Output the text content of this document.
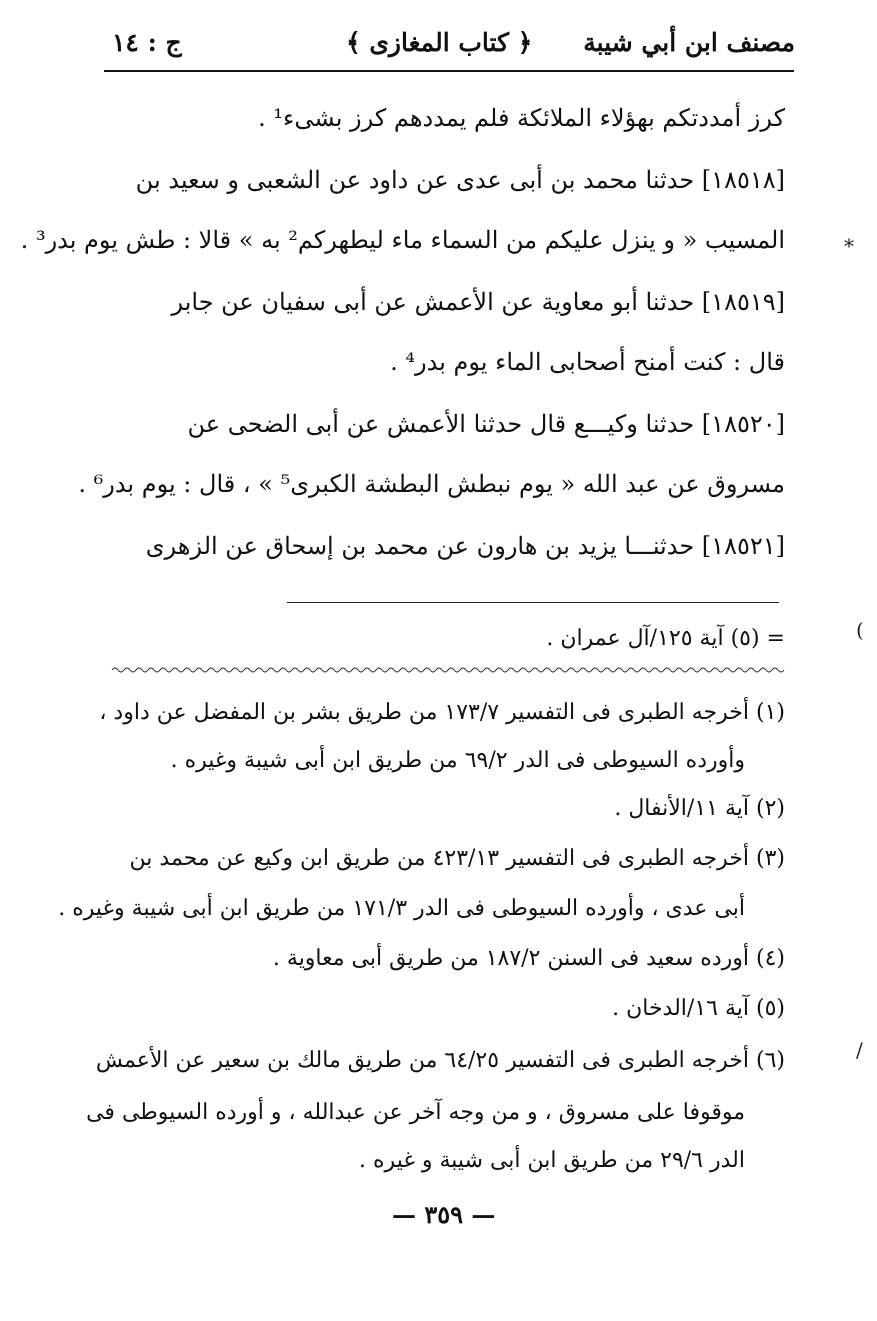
مصنف ابن أبي شيبة
﴿ كتاب المغازى ﴾
ج : ١٤
كرز أمددتكم بهؤلاء الملائكة فلم يمددهم كرز بشىء¹ .
[١٨٥١٨] حدثنا محمد بن أبى عدى عن داود عن الشعبى و سعيد بن
المسيب « و ينزل عليكم من السماء ماء ليطهركم² به » قالا : طش يوم بدر³ .
[١٨٥١٩] حدثنا أبو معاوية عن الأعمش عن أبى سفيان عن جابر
قال : كنت أمنح أصحابى الماء يوم بدر⁴ .
[١٨٥٢٠] حدثنا وكيـــع قال حدثنا الأعمش عن أبى الضحى عن
مسروق عن عبد الله « يوم نبطش البطشة الكبرى⁵ » ، قال : يوم بدر⁶ .
[١٨٥٢١] حدثنـــا يزيد بن هارون عن محمد بن إسحاق عن الزهرى
= (٥) آية ١٢٥/آل عمران .
(١) أخرجه الطبرى فى التفسير ١٧٣/٧ من طريق بشر بن المفضل عن داود ،
وأورده السيوطى فى الدر ٦٩/٢ من طريق ابن أبى شيبة وغيره .
(٢) آية ١١/الأنفال .
(٣) أخرجه الطبرى فى التفسير ٤٢٣/١٣ من طريق ابن وكيع عن محمد بن
أبى عدى ، وأورده السيوطى فى الدر ١٧١/٣ من طريق ابن أبى شيبة وغيره .
(٤) أورده سعيد فى السنن ١٨٧/٢ من طريق أبى معاوية .
(٥) آية ١٦/الدخان .
(٦) أخرجه الطبرى فى التفسير ٦٤/٢٥ من طريق مالك بن سعير عن الأعمش
موقوفا على مسروق ، و من وجه آخر عن عبدالله ، و أورده السيوطى فى
الدر ٢٩/٦ من طريق ابن أبى شيبة و غيره .
— ٣٥٩ —
⁎
)
/
